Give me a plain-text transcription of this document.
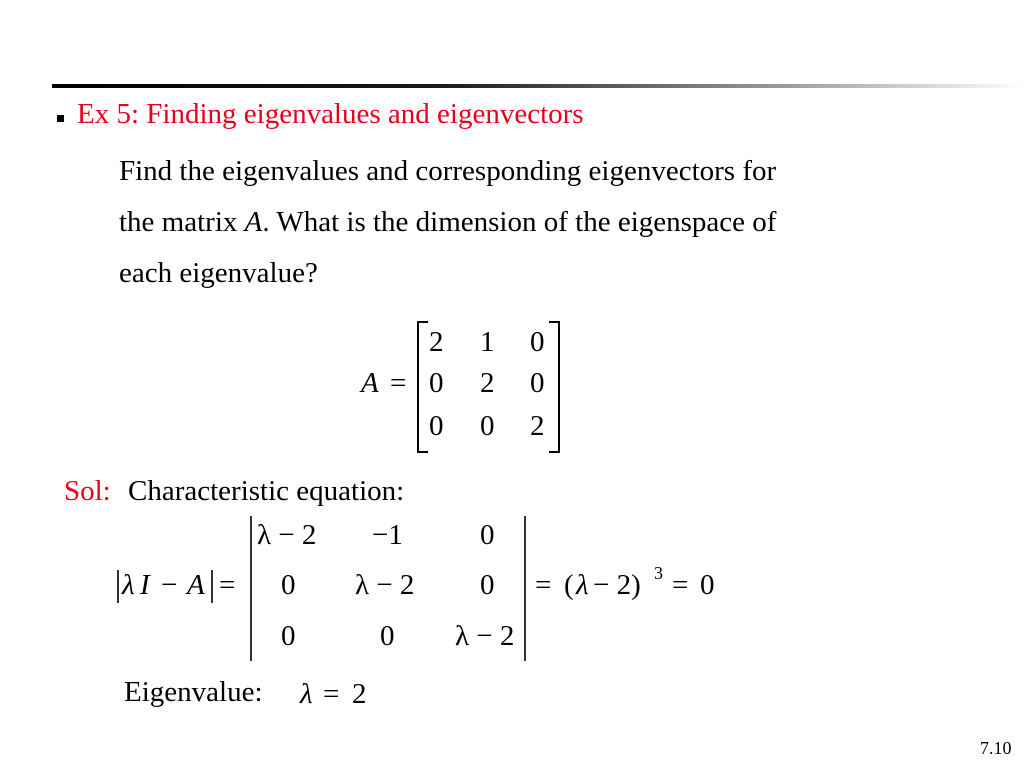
Ex 5: Finding eigenvalues and eigenvectors
Find the eigenvalues and corresponding eigenvectors for
the matrix A. What is the dimension of the eigenspace of
each eigenvalue?
A =
2 1 0
0 2 0
0 0 2
Sol: Characteristic equation:
λ I − A =
λ − 2 −1	0
0 λ − 2 0
0	0 λ − 2
= ( λ − 2) 3 = 0
Eigenvalue: λ = 2
7.10
